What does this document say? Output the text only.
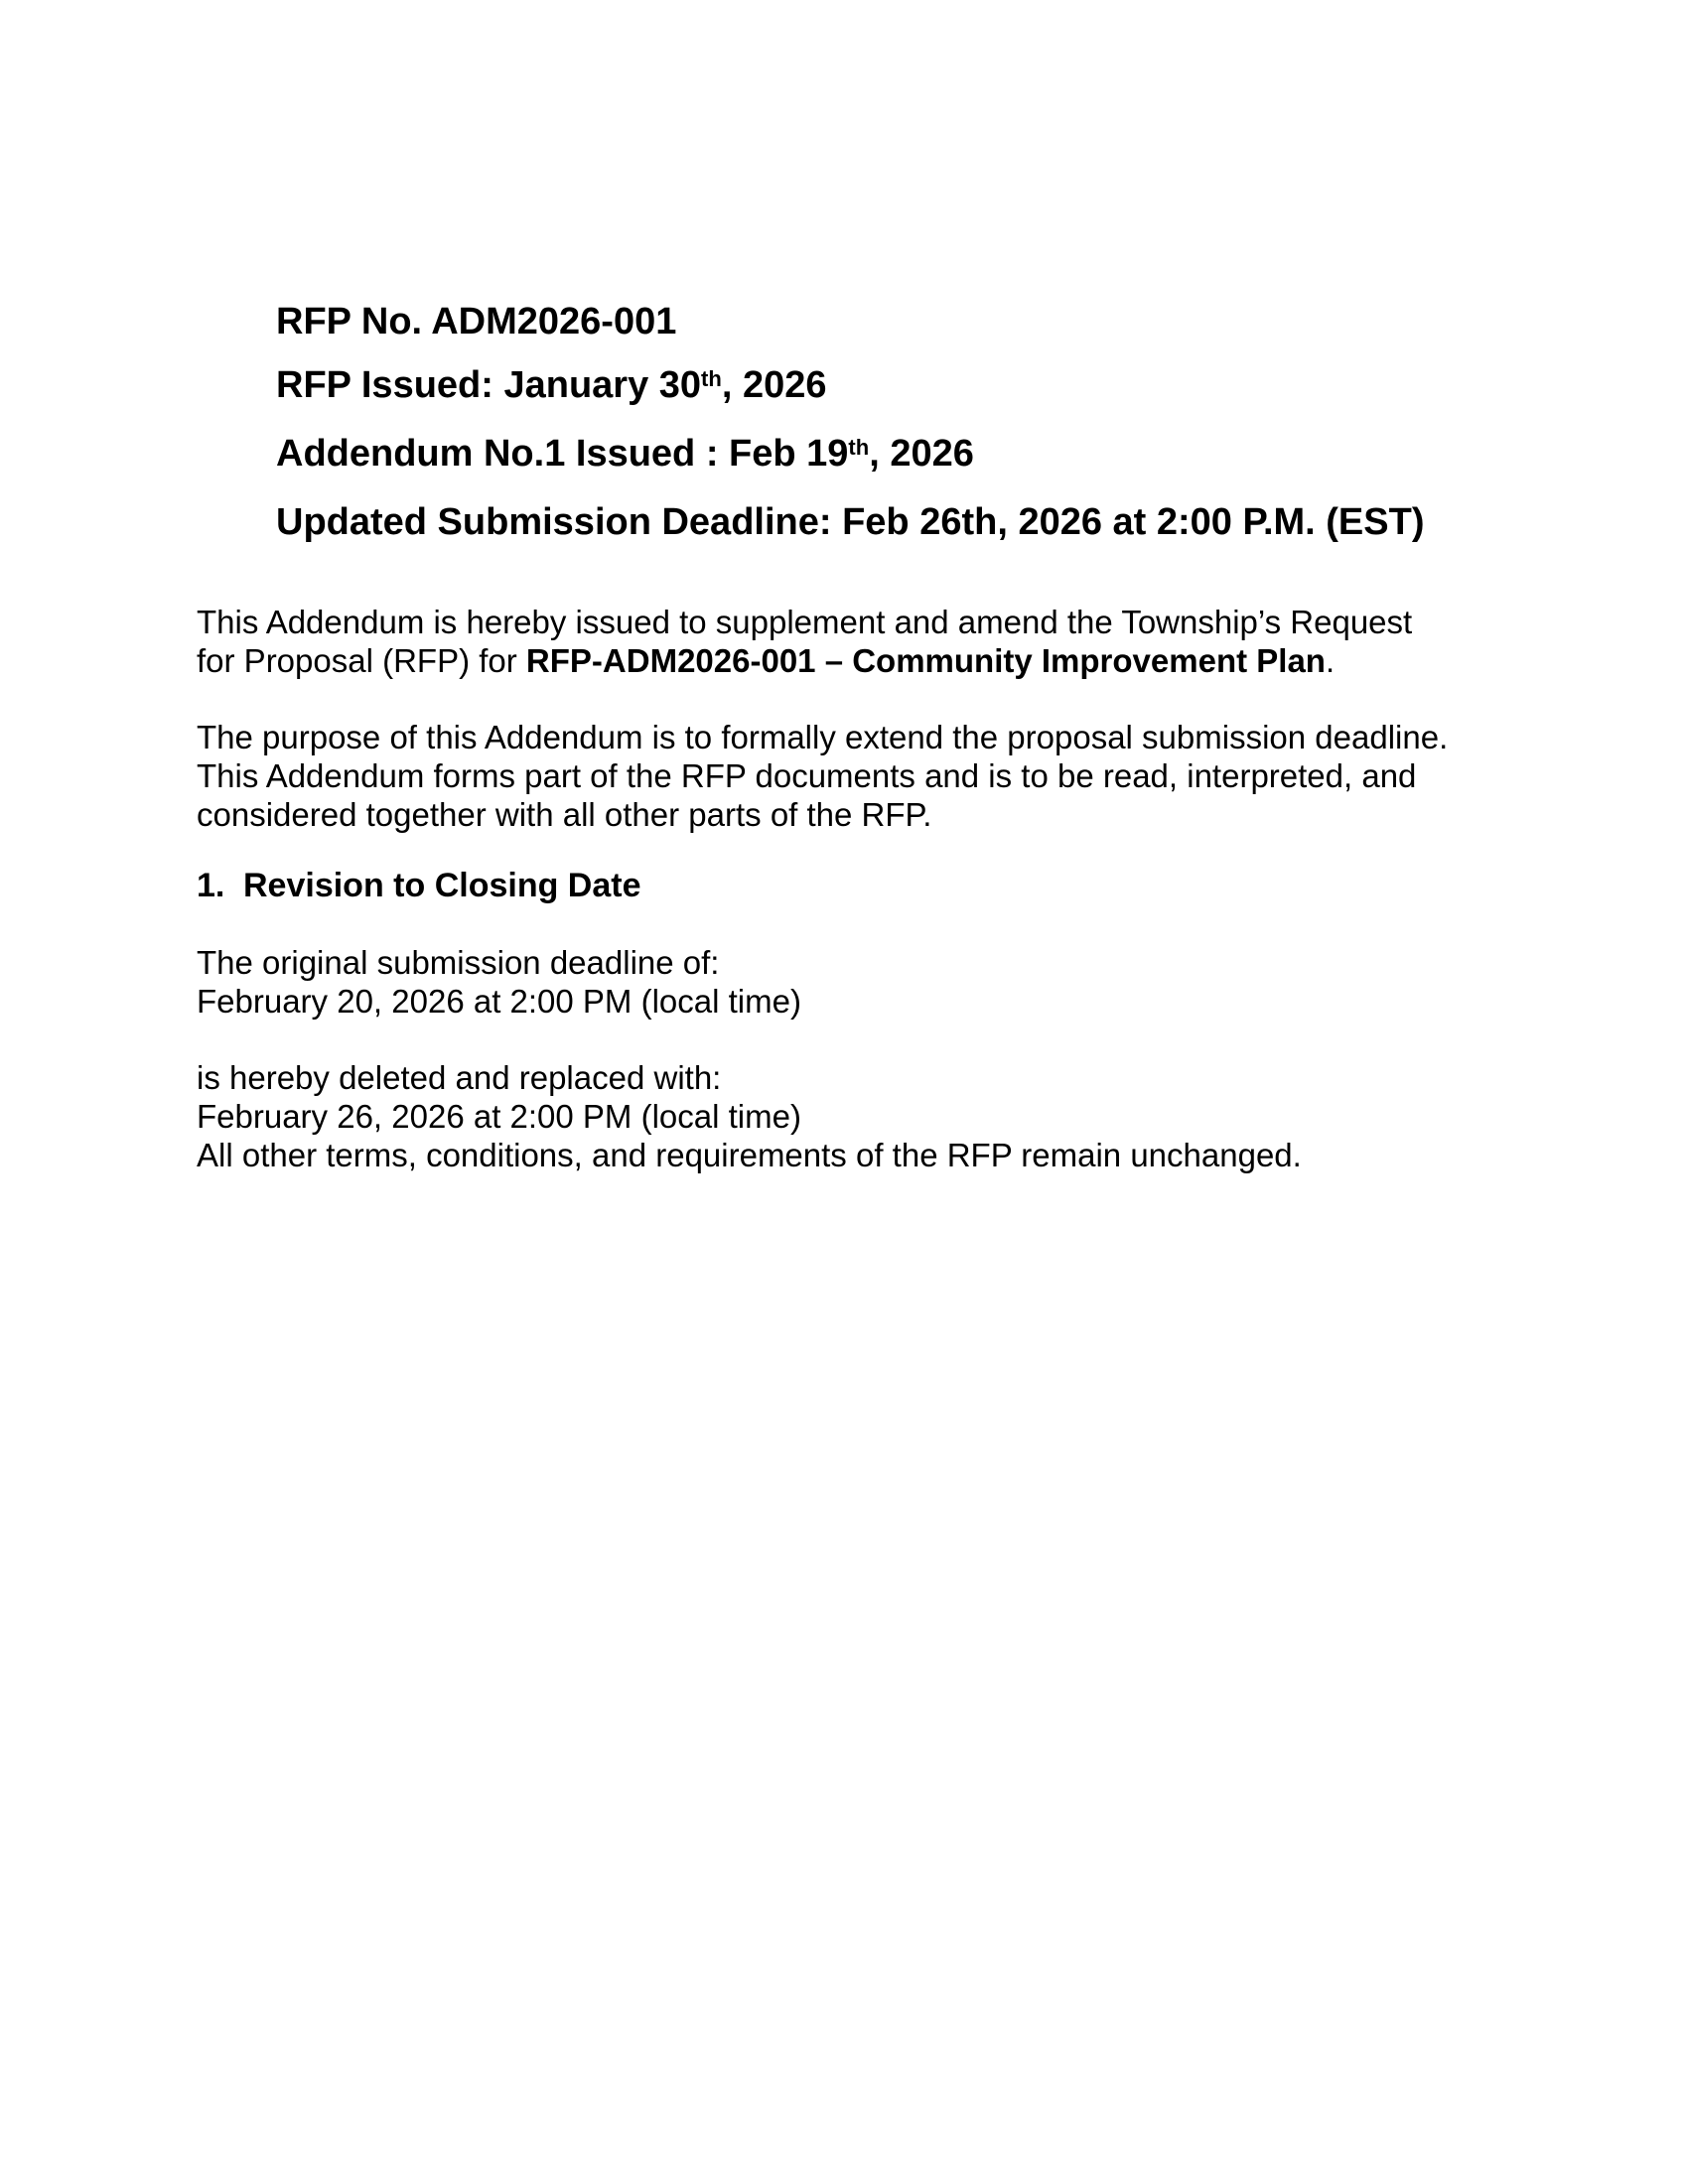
RFP No. ADM2026-001
RFP Issued: January 30th, 2026
Addendum No.1 Issued : Feb 19th, 2026
Updated Submission Deadline: Feb 26th, 2026 at 2:00 P.M. (EST)
This Addendum is hereby issued to supplement and amend the Township’s Request
for Proposal (RFP) for RFP-ADM2026-001 – Community Improvement Plan.
The purpose of this Addendum is to formally extend the proposal submission deadline.
This Addendum forms part of the RFP documents and is to be read, interpreted, and
considered together with all other parts of the RFP.
1. Revision to Closing Date
The original submission deadline of:
February 20, 2026 at 2:00 PM (local time)
is hereby deleted and replaced with:
February 26, 2026 at 2:00 PM (local time)
All other terms, conditions, and requirements of the RFP remain unchanged.
